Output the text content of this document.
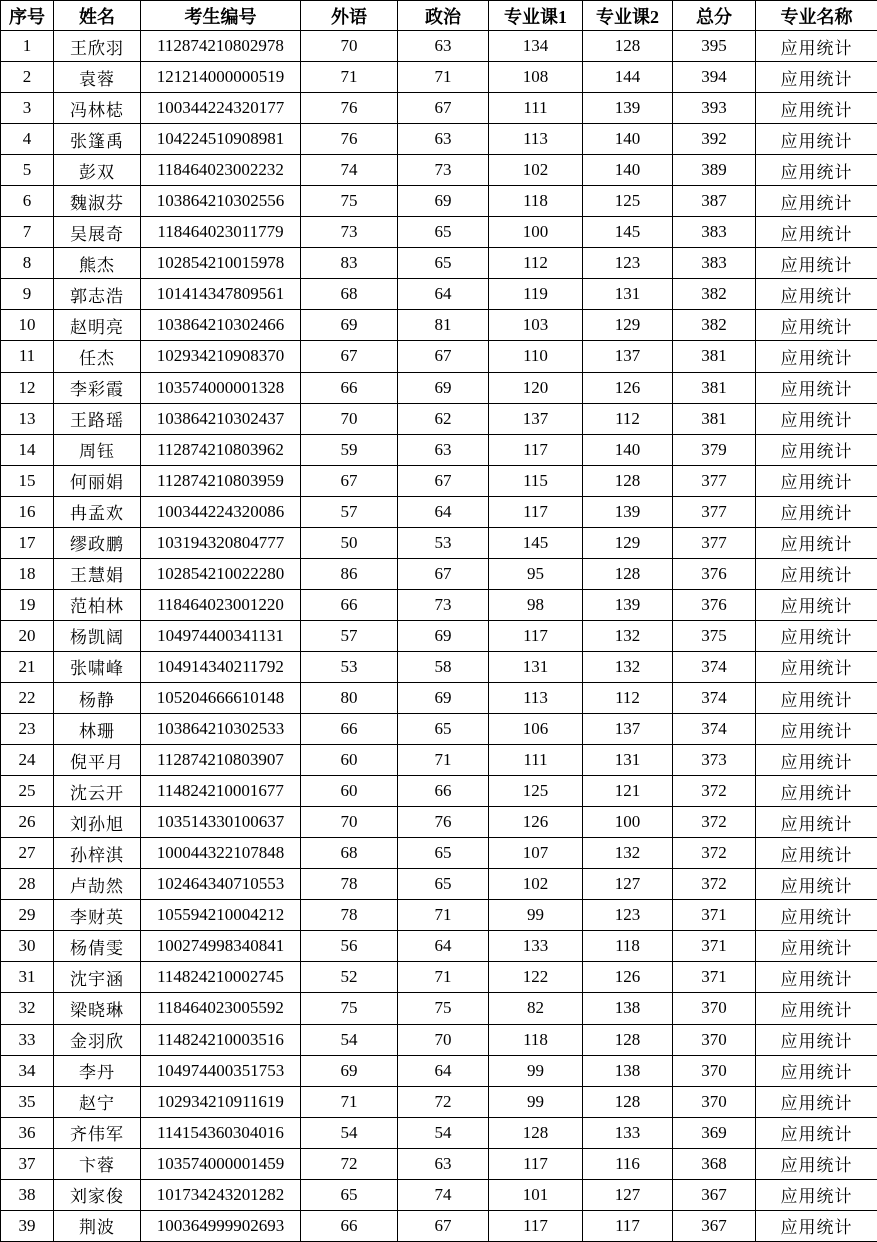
序号	姓名	考生编号	外语	政治	专业课1	专业课2	总分	专业名称
1	王欣羽	112874210802978	70	63	134	128	395	应用统计
2	袁蓉	121214000000519	71	71	108	144	394	应用统计
3	冯林梽	100344224320177	76	67	111	139	393	应用统计
4	张篷禹	104224510908981	76	63	113	140	392	应用统计
5	彭双	118464023002232	74	73	102	140	389	应用统计
6	魏淑芬	103864210302556	75	69	118	125	387	应用统计
7	吴展奇	118464023011779	73	65	100	145	383	应用统计
8	熊杰	102854210015978	83	65	112	123	383	应用统计
9	郭志浩	101414347809561	68	64	119	131	382	应用统计
10	赵明亮	103864210302466	69	81	103	129	382	应用统计
11	任杰	102934210908370	67	67	110	137	381	应用统计
12	李彩霞	103574000001328	66	69	120	126	381	应用统计
13	王路瑶	103864210302437	70	62	137	112	381	应用统计
14	周钰	112874210803962	59	63	117	140	379	应用统计
15	何丽娟	112874210803959	67	67	115	128	377	应用统计
16	冉孟欢	100344224320086	57	64	117	139	377	应用统计
17	缪政鹏	103194320804777	50	53	145	129	377	应用统计
18	王慧娟	102854210022280	86	67	95	128	376	应用统计
19	范柏林	118464023001220	66	73	98	139	376	应用统计
20	杨凯阔	104974400341131	57	69	117	132	375	应用统计
21	张啸峰	104914340211792	53	58	131	132	374	应用统计
22	杨静	105204666610148	80	69	113	112	374	应用统计
23	林珊	103864210302533	66	65	106	137	374	应用统计
24	倪平月	112874210803907	60	71	111	131	373	应用统计
25	沈云开	114824210001677	60	66	125	121	372	应用统计
26	刘孙旭	103514330100637	70	76	126	100	372	应用统计
27	孙梓淇	100044322107848	68	65	107	132	372	应用统计
28	卢劼然	102464340710553	78	65	102	127	372	应用统计
29	李财英	105594210004212	78	71	99	123	371	应用统计
30	杨倩雯	100274998340841	56	64	133	118	371	应用统计
31	沈宇涵	114824210002745	52	71	122	126	371	应用统计
32	梁晓琳	118464023005592	75	75	82	138	370	应用统计
33	金羽欣	114824210003516	54	70	118	128	370	应用统计
34	李丹	104974400351753	69	64	99	138	370	应用统计
35	赵宁	102934210911619	71	72	99	128	370	应用统计
36	齐伟军	114154360304016	54	54	128	133	369	应用统计
37	卞蓉	103574000001459	72	63	117	116	368	应用统计
38	刘家俊	101734243201282	65	74	101	127	367	应用统计
39	荆波	100364999902693	66	67	117	117	367	应用统计
